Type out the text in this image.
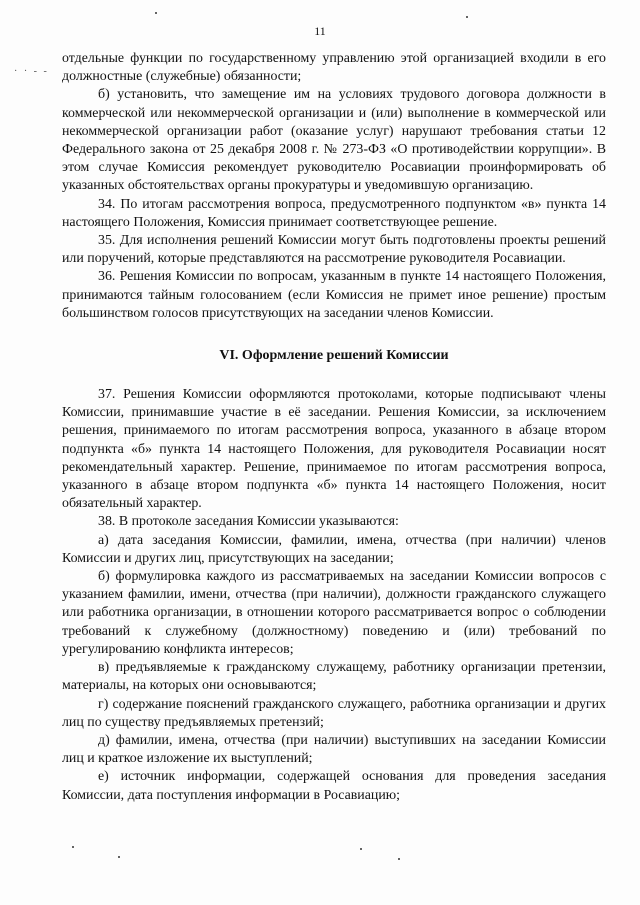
11
· · - -

отдельные функции по государственному управлению этой организацией входили в его должностные (служебные) обязанности;

б) установить, что замещение им на условиях трудового договора должности в коммерческой или некоммерческой организации и (или) выполнение в коммерческой или некоммерческой организации работ (оказание услуг) нарушают требования статьи 12 Федерального закона от 25 декабря 2008 г. № 273-ФЗ «О противодействии коррупции». В этом случае Комиссия рекомендует руководителю Росавиации проинформировать об указанных обстоятельствах органы прокуратуры и уведомившую организацию.

34. По итогам рассмотрения вопроса, предусмотренного подпунктом «в» пункта 14 настоящего Положения, Комиссия принимает соответствующее решение.

35. Для исполнения решений Комиссии могут быть подготовлены проекты решений или поручений, которые представляются на рассмотрение руководителя Росавиации.

36. Решения Комиссии по вопросам, указанным в пункте 14 настоящего Положения, принимаются тайным голосованием (если Комиссия не примет иное решение) простым большинством голосов присутствующих на заседании членов Комиссии.

VI. Оформление решений Комиссии

37. Решения Комиссии оформляются протоколами, которые подписывают члены Комиссии, принимавшие участие в её заседании. Решения Комиссии, за исключением решения, принимаемого по итогам рассмотрения вопроса, указанного в абзаце втором подпункта «б» пункта 14 настоящего Положения, для руководителя Росавиации носят рекомендательный характер. Решение, принимаемое по итогам рассмотрения вопроса, указанного в абзаце втором подпункта «б» пункта 14 настоящего Положения, носит обязательный характер.

38. В протоколе заседания Комиссии указываются:

а) дата заседания Комиссии, фамилии, имена, отчества (при наличии) членов Комиссии и других лиц, присутствующих на заседании;

б) формулировка каждого из рассматриваемых на заседании Комиссии вопросов с указанием фамилии, имени, отчества (при наличии), должности гражданского служащего или работника организации, в отношении которого рассматривается вопрос о соблюдении требований к служебному (должностному) поведению и (или) требований по урегулированию конфликта интересов;

в) предъявляемые к гражданскому служащему, работнику организации претензии, материалы, на которых они основываются;

г) содержание пояснений гражданского служащего, работника организации и других лиц по существу предъявляемых претензий;

д) фамилии, имена, отчества (при наличии) выступивших на заседании Комиссии лиц и краткое изложение их выступлений;

е) источник информации, содержащей основания для проведения заседания Комиссии, дата поступления информации в Росавиацию;
